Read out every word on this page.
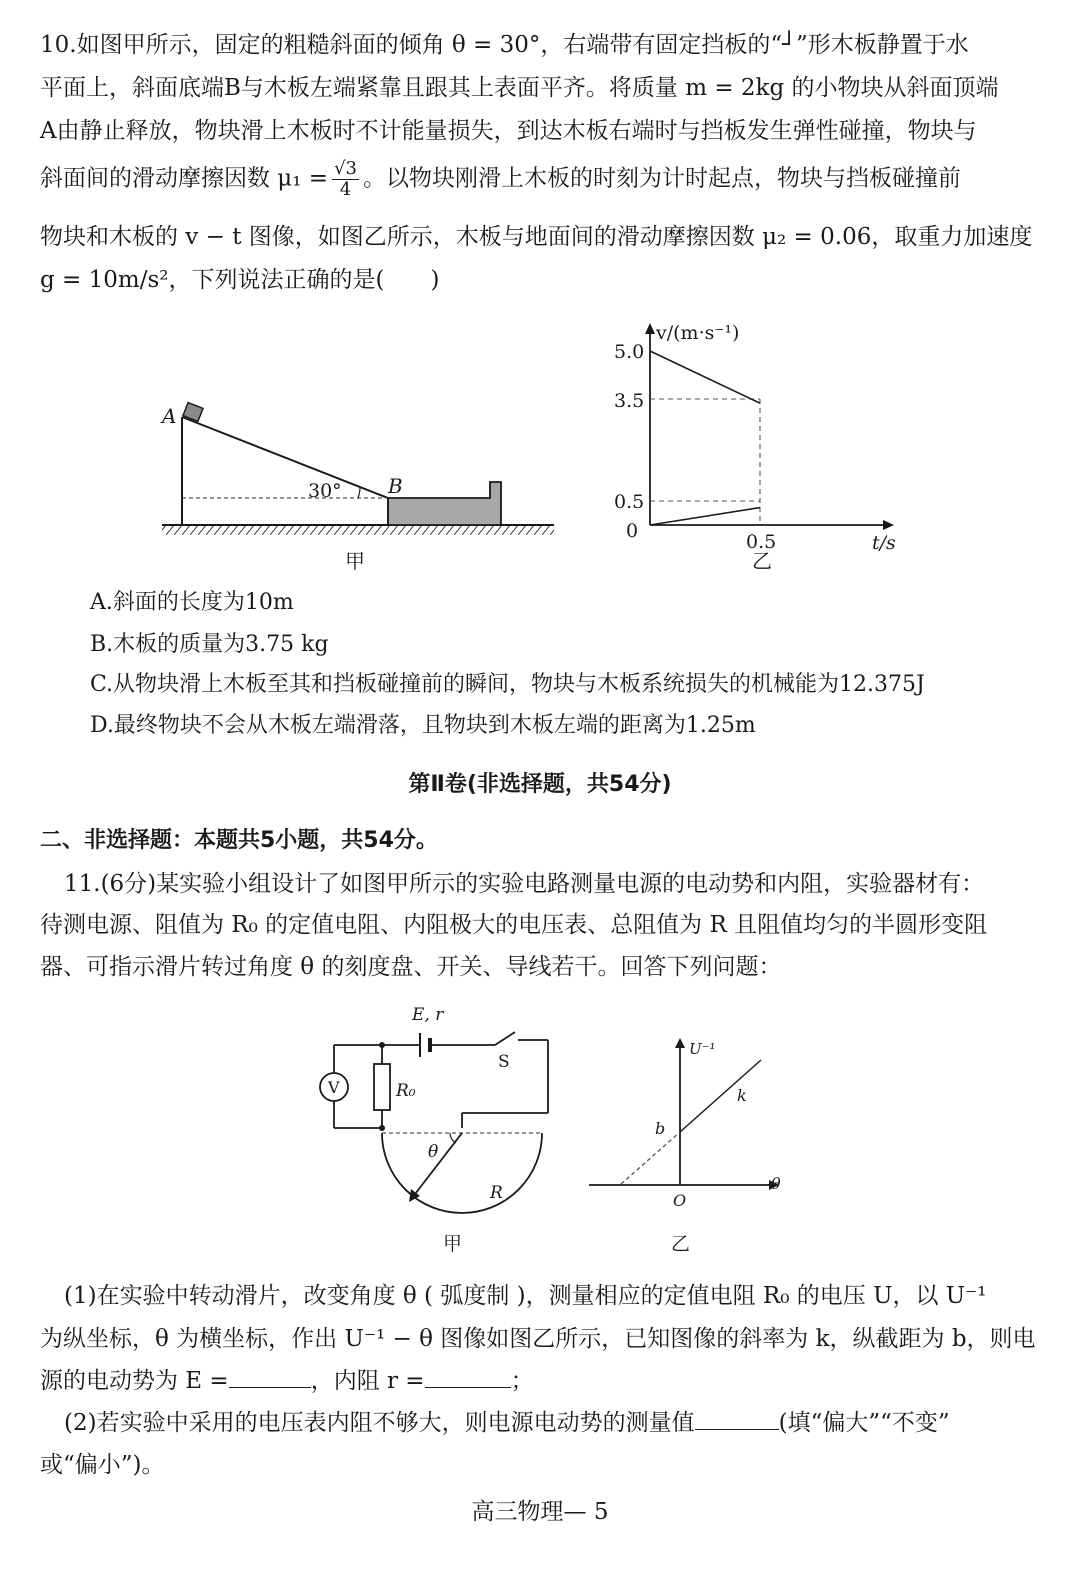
10.如图甲所示，固定的粗糙斜面的倾角 θ = 30°，右端带有固定挡板的“┘”形木板静置于水
平面上，斜面底端B与木板左端紧靠且跟其上表面平齐。将质量 m = 2kg 的小物块从斜面顶端
A由静止释放，物块滑上木板时不计能量损失，到达木板右端时与挡板发生弹性碰撞，物块与
斜面间的滑动摩擦因数 $\mu_1 = \frac{√3}{4}$ 。以物块刚滑上木板的时刻为计时起点，物块与挡板碰撞前
物块和木板的 v − t 图像，如图乙所示，木板与地面间的滑动摩擦因数 μ₂ = 0.06，取重力加速度
g = 10m/s²，下列说法正确的是(　　)
30°
A
B
甲
5.0
3.5
0.5
0	0.5
v/(m·s⁻¹)
t/s
乙
A.斜面的长度为10m
B.木板的质量为3.75 kg
C.从物块滑上木板至其和挡板碰撞前的瞬间，物块与木板系统损失的机械能为12.375J
D.最终物块不会从木板左端滑落，且物块到木板左端的距离为1.25m
第Ⅱ卷(非选择题，共54分)
二、非选择题：本题共5小题，共54分。
11.(6分)某实验小组设计了如图甲所示的实验电路测量电源的电动势和内阻，实验器材有：
待测电源、阻值为 R₀ 的定值电阻、内阻极大的电压表、总阻值为 R 且阻值均匀的半圆形变阻
器、可指示滑片转过角度 θ 的刻度盘、开关、导线若干。回答下列问题：
E, r
S
V	R₀
θ
R
甲
U⁻¹
θ
b
k
O
乙
(1)在实验中转动滑片，改变角度 θ ( 弧度制 )，测量相应的定值电阻 R₀ 的电压 U，以 U⁻¹
为纵坐标，θ 为横坐标，作出 U⁻¹ − θ 图像如图乙所示，已知图像的斜率为 k，纵截距为 b，则电
源的电动势为 E =	，内阻 r =	；
(2)若实验中采用的电压表内阻不够大，则电源电动势的测量值	(填“偏大”“不变”
或“偏小”)。
高三物理— 5
